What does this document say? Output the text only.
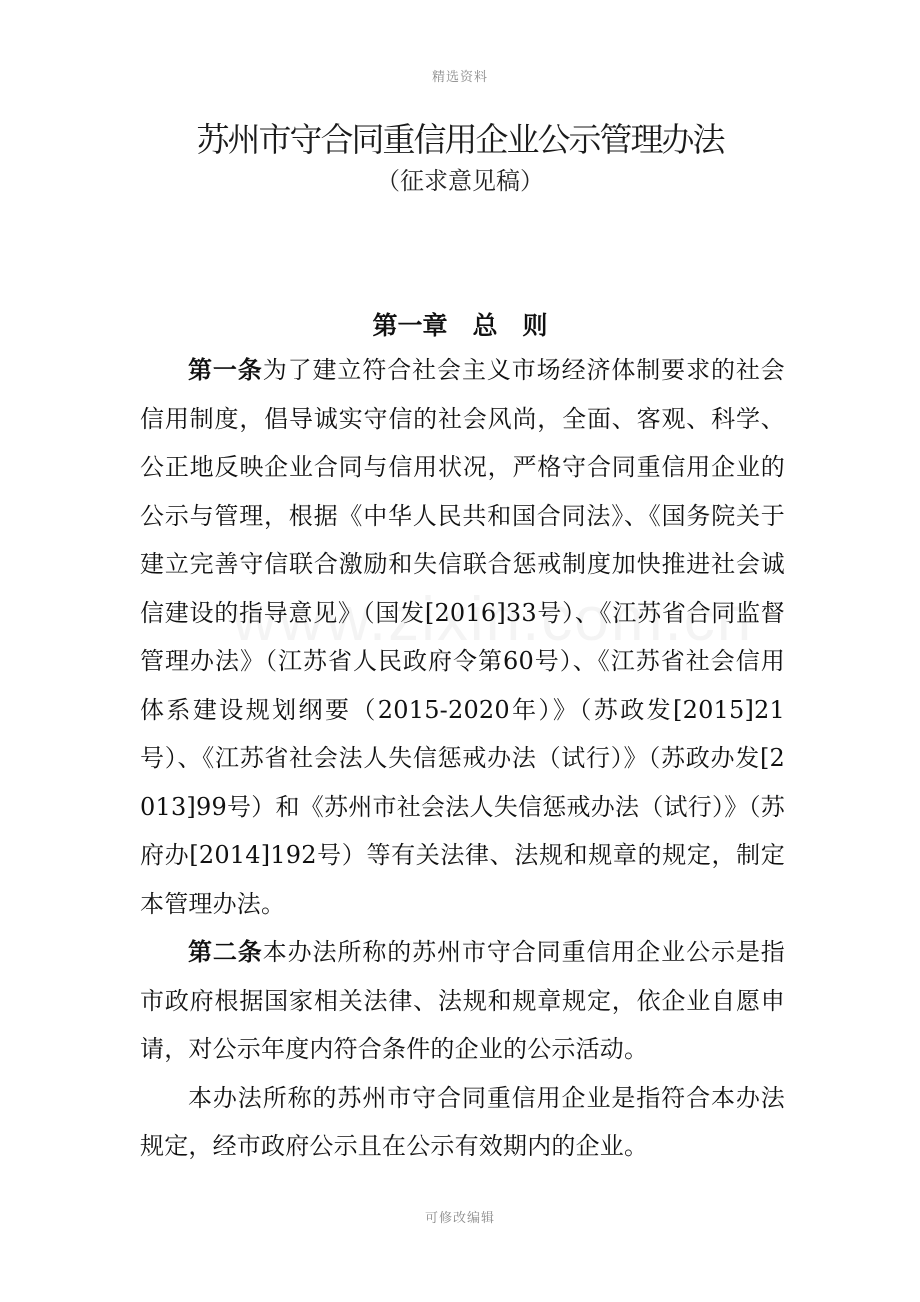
精选资料
苏州市守合同重信用企业公示管理办法
（征求意见稿）
第一章　总　则

第一条为了建立符合社会主义市场经济体制要求的社会信用制度，倡导诚实守信的社会风尚，全面、客观、科学、公正地反映企业合同与信用状况，严格守合同重信用企业的公示与管理，根据《中华人民共和国合同法》、《国务院关于建立完善守信联合激励和失信联合惩戒制度加快推进社会诚信建设的指导意见》（国发[2016]33号）、《江苏省合同监督管理办法》（江苏省人民政府令第60号）、《江苏省社会信用体系建设规划纲要（2015-2020年）》（苏政发[2015]21号）、《江苏省社会法人失信惩戒办法（试行）》（苏政办发[2013]99号）和《苏州市社会法人失信惩戒办法（试行）》（苏府办[2014]192号）等有关法律、法规和规章的规定，制定本管理办法。

第二条本办法所称的苏州市守合同重信用企业公示是指市政府根据国家相关法律、法规和规章规定，依企业自愿申请，对公示年度内符合条件的企业的公示活动。

本办法所称的苏州市守合同重信用企业是指符合本办法规定，经市政府公示且在公示有效期内的企业。

可修改编辑
